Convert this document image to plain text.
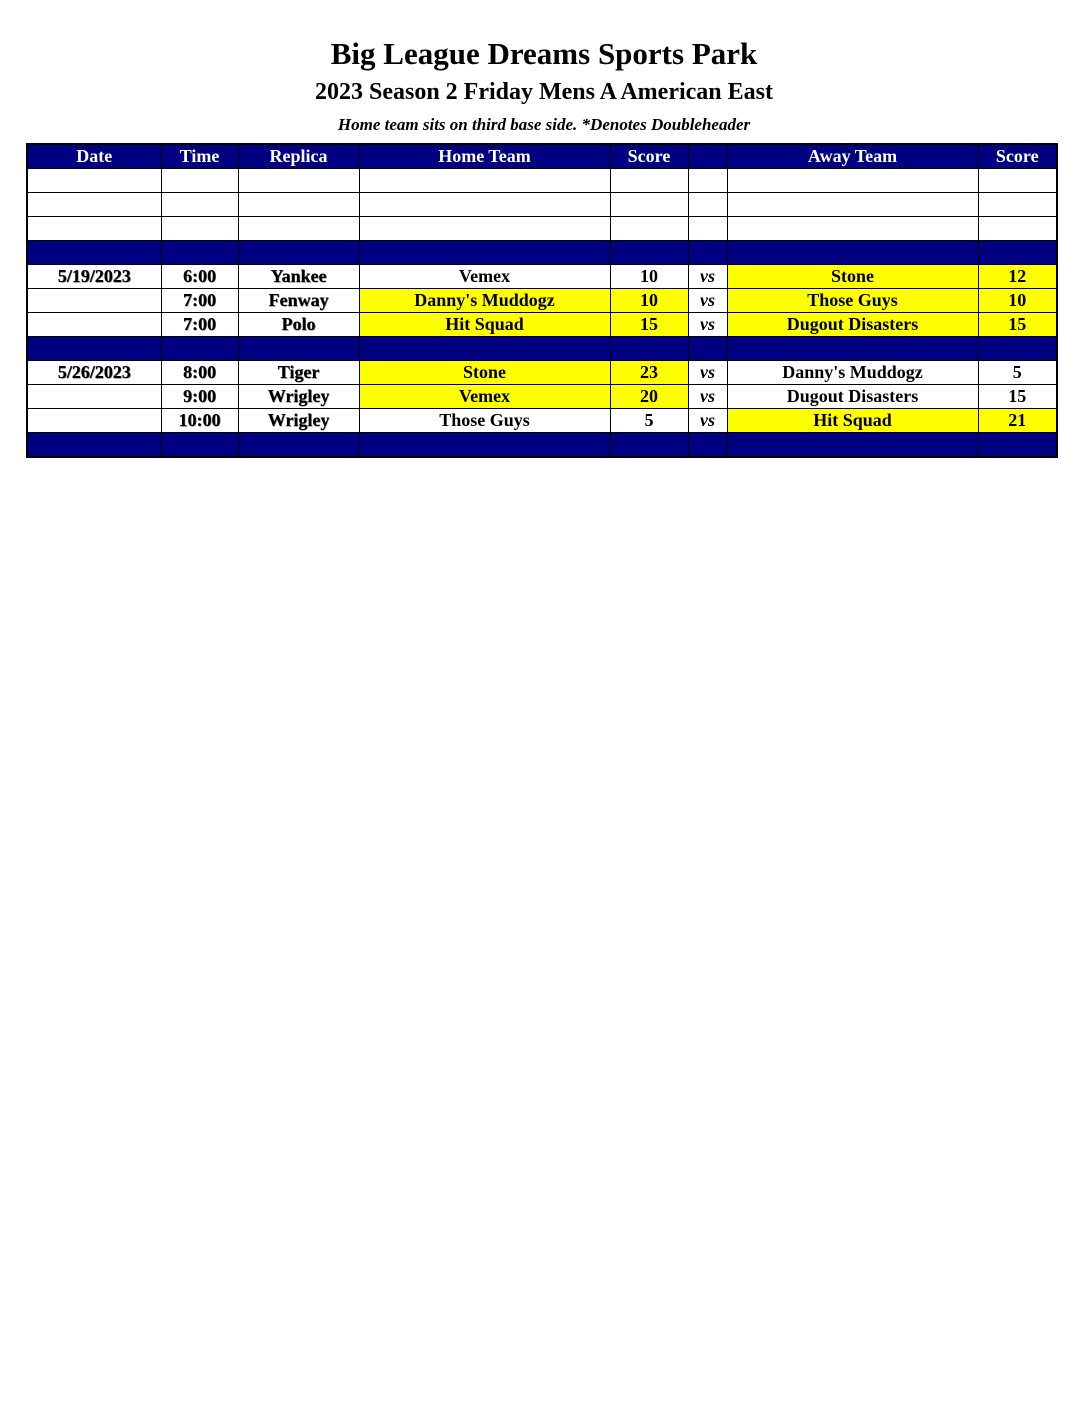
Big League Dreams Sports Park
2023 Season 2 Friday Mens A American East
Home team sits on third base side. *Denotes Doubleheader
Date	Time	Replica	Home Team	Score		Away Team	Score

5/19/2023	6:00	Yankee	Vemex	10	vs	Stone	12
	7:00	Fenway	Danny's Muddogz	10	vs	Those Guys	10
	7:00	Polo	Hit Squad	15	vs	Dugout Disasters	15

5/26/2023	8:00	Tiger	Stone	23	vs	Danny's Muddogz	5
	9:00	Wrigley	Vemex	20	vs	Dugout Disasters	15
	10:00	Wrigley	Those Guys	5	vs	Hit Squad	21
